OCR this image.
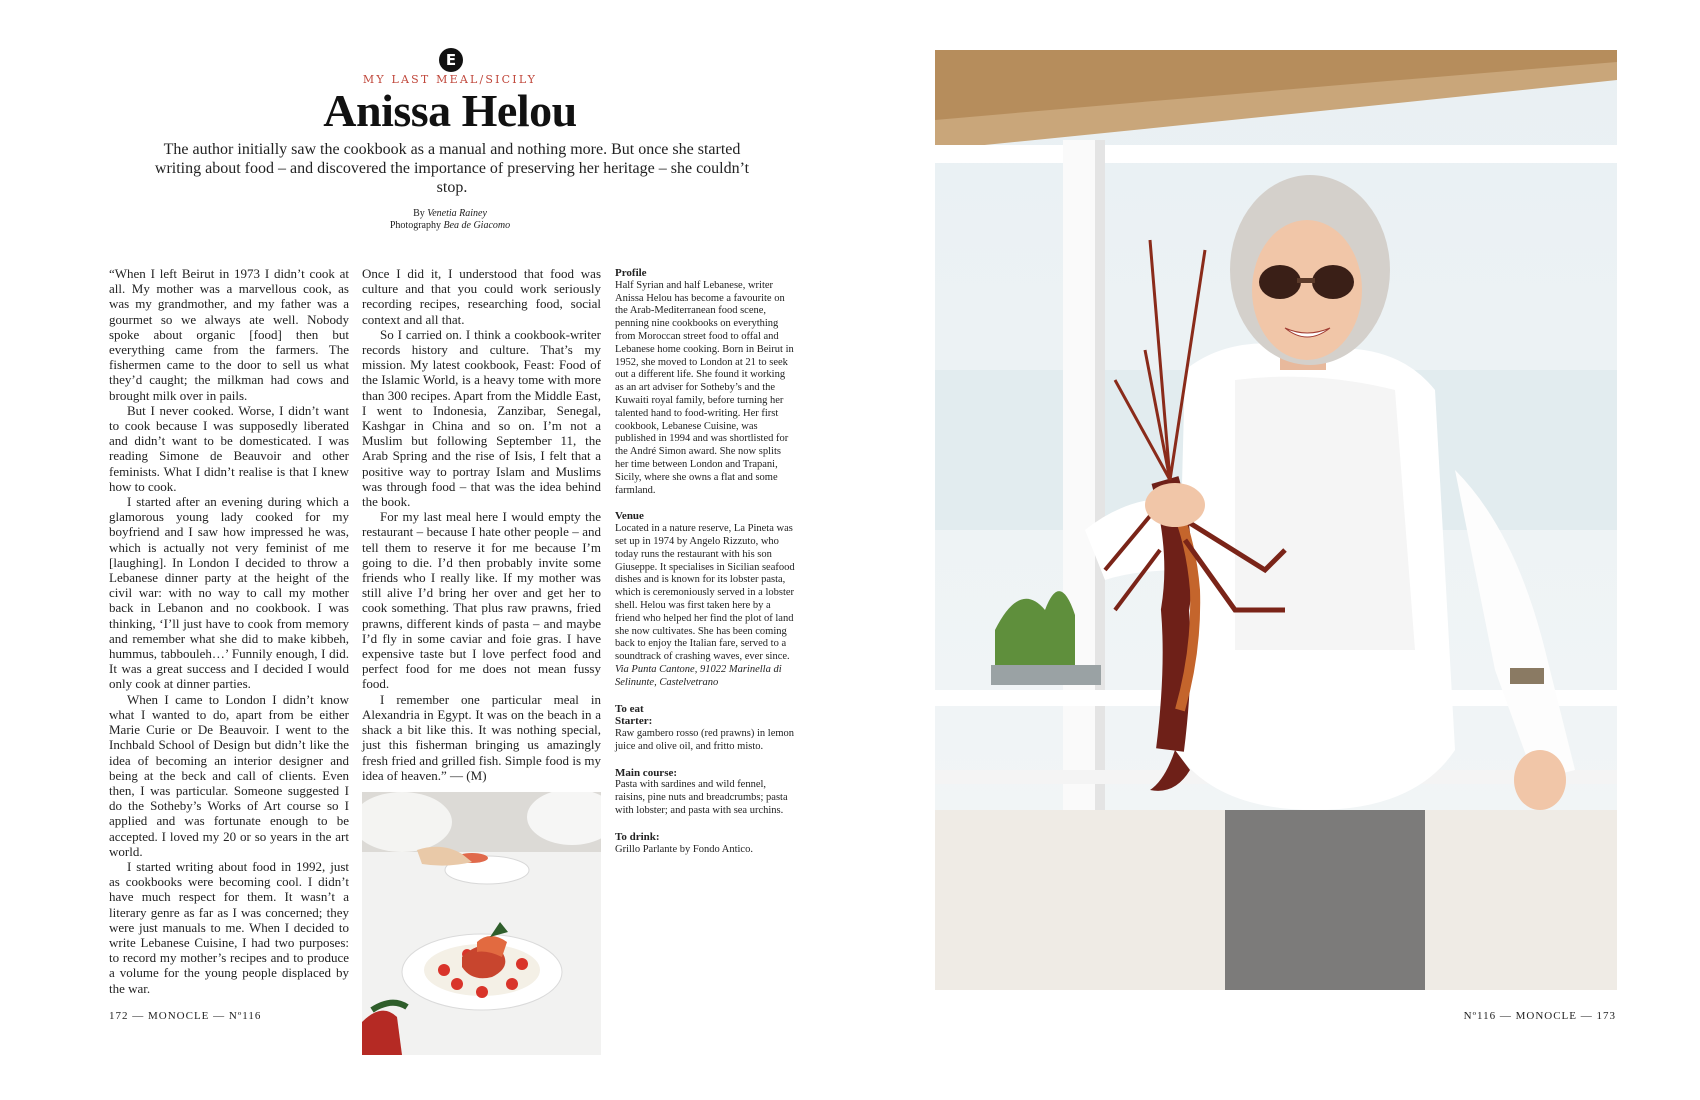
E
MY LAST MEAL/SICILY
Anissa Helou

The author initially saw the cookbook as a manual and nothing more. But once she started writing about food – and discovered the importance of preserving her heritage – she couldn’t stop.

By Venetia Rainey
Photography Bea de Giacomo

“When I left Beirut in 1973 I didn’t cook at all. My mother was a marvellous cook, as was my grandmother, and my father was a gourmet so we always ate well. Nobody spoke about organic [food] then but everything came from the farmers. The fishermen came to the door to sell us what they’d caught; the milkman had cows and brought milk over in pails.

But I never cooked. Worse, I didn’t want to cook because I was supposedly liberated and didn’t want to be domesticated. I was reading Simone de Beauvoir and other feminists. What I didn’t realise is that I knew how to cook.

I started after an evening during which a glamorous young lady cooked for my boyfriend and I saw how impressed he was, which is actually not very feminist of me [laughing]. In London I decided to throw a Lebanese dinner party at the height of the civil war: with no way to call my mother back in Lebanon and no cookbook. I was thinking, ‘I’ll just have to cook from memory and remember what she did to make kibbeh, hummus, tabbouleh…’ Funnily enough, I did. It was a great success and I decided I would only cook at dinner parties.

When I came to London I didn’t know what I wanted to do, apart from be either Marie Curie or De Beauvoir. I went to the Inchbald School of Design but didn’t like the idea of becoming an interior designer and being at the beck and call of clients. Even then, I was particular. Someone suggested I do the Sotheby’s Works of Art course so I applied and was fortunate enough to be accepted. I loved my 20 or so years in the art world.

I started writing about food in 1992, just as cookbooks were becoming cool. I didn’t have much respect for them. It wasn’t a literary genre as far as I was concerned; they were just manuals to me. When I decided to write Lebanese Cuisine, I had two purposes: to record my mother’s recipes and to produce a volume for the young people displaced by the war.

Once I did it, I understood that food was culture and that you could work seriously recording recipes, researching food, social context and all that.

So I carried on. I think a cookbook-writer records history and culture. That’s my mission. My latest cookbook, Feast: Food of the Islamic World, is a heavy tome with more than 300 recipes. Apart from the Middle East, I went to Indonesia, Zanzibar, Senegal, Kashgar in China and so on. I’m not a Muslim but following September 11, the Arab Spring and the rise of Isis, I felt that a positive way to portray Islam and Muslims was through food – that was the idea behind the book.

For my last meal here I would empty the restaurant – because I hate other people – and tell them to reserve it for me because I’m going to die. I’d then probably invite some friends who I really like. If my mother was still alive I’d bring her over and get her to cook something. That plus raw prawns, fried prawns, different kinds of pasta – and maybe I’d fly in some caviar and foie gras. I have expensive taste but I love perfect food and perfect food for me does not mean fussy food.

I remember one particular meal in Alexandria in Egypt. It was on the beach in a shack a bit like this. It was nothing special, just this fisherman bringing us amazingly fresh fried and grilled fish. Simple food is my idea of heaven.” — (M)

Profile

Half Syrian and half Lebanese, writer Anissa Helou has become a favourite on the Arab-Mediterranean food scene, penning nine cookbooks on everything from Moroccan street food to offal and Lebanese home cooking. Born in Beirut in 1952, she moved to London at 21 to seek out a different life. She found it working as an art adviser for Sotheby’s and the Kuwaiti royal family, before turning her talented hand to food-writing. Her first cookbook, Lebanese Cuisine, was published in 1994 and was shortlisted for the André Simon award. She now splits her time between London and Trapani, Sicily, where she owns a flat and some farmland.

Venue

Located in a nature reserve, La Pineta was set up in 1974 by Angelo Rizzuto, who today runs the restaurant with his son Giuseppe. It specialises in Sicilian seafood dishes and is known for its lobster pasta, which is ceremoniously served in a lobster shell. Helou was first taken here by a friend who helped her find the plot of land she now cultivates. She has been coming back to enjoy the Italian fare, served to a soundtrack of crashing waves, ever since.

Via Punta Cantone, 91022 Marinella di Selinunte, Castelvetrano

To eat
Starter:

Raw gambero rosso (red prawns) in lemon juice and olive oil, and fritto misto.

Main course:

Pasta with sardines and wild fennel, raisins, pine nuts and breadcrumbs; pasta with lobster; and pasta with sea urchins.

To drink:

Grillo Parlante by Fondo Antico.

172 — MONOCLE — Nº116	Nº116 — MONOCLE — 173
